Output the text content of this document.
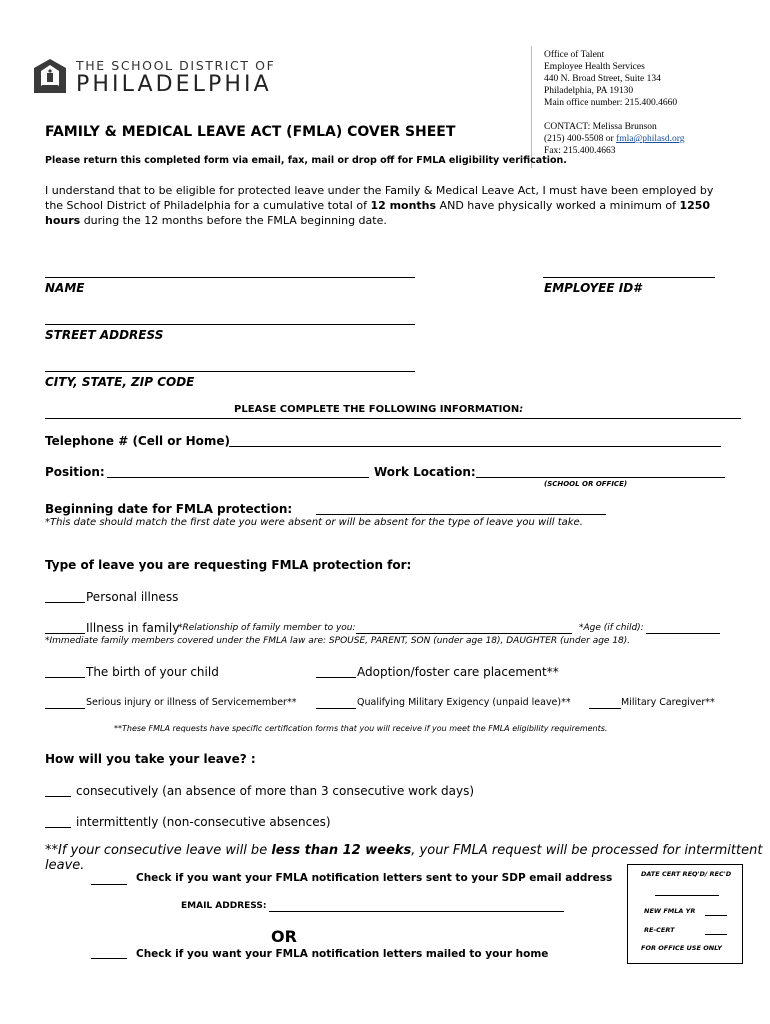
THE SCHOOL DISTRICT OF
PHILADELPHIA
Office of Talent
Employee Health Services
440 N. Broad Street, Suite 134
Philadelphia, PA 19130
Main office number: 215.400.4660
CONTACT: Melissa Brunson
(215) 400-5508 or fmla@philasd.org
Fax: 215.400.4663
FAMILY & MEDICAL LEAVE ACT (FMLA) COVER SHEET
Please return this completed form via email, fax, mail or drop off for FMLA eligibility verification.
I understand that to be eligible for protected leave under the Family & Medical Leave Act, I must have been employed by the School District of Philadelphia for a cumulative total of 12 months AND have physically worked a minimum of 1250 hours during the 12 months before the FMLA beginning date.
NAME	EMPLOYEE ID#
STREET ADDRESS
CITY, STATE, ZIP CODE
PLEASE COMPLETE THE FOLLOWING INFORMATION:
Telephone # (Cell or Home)
Position:	Work Location:
(SCHOOL OR OFFICE)
Beginning date for FMLA protection:
*This date should match the first date you were absent or will be absent for the type of leave you will take.
Type of leave you are requesting FMLA protection for:
Personal illness
Illness in family
*Relationship of family member to you:	*Age (if child):
*Immediate family members covered under the FMLA law are: SPOUSE, PARENT, SON (under age 18), DAUGHTER (under age 18).
The birth of your child	Adoption/foster care placement**
Serious injury or illness of Servicemember**	Qualifying Military Exigency (unpaid leave)**	Military Caregiver**
**These FMLA requests have specific certification forms that you will receive if you meet the FMLA eligibility requirements.
How will you take your leave? :
consecutively (an absence of more than 3 consecutive work days)
intermittently (non-consecutive absences)
**If your consecutive leave will be less than 12 weeks, your FMLA request will be processed for intermittent leave.
Check if you want your FMLA notification letters sent to your SDP email address
EMAIL ADDRESS:
OR
Check if you want your FMLA notification letters mailed to your home
DATE CERT REQ'D/ REC'D
NEW FMLA YR
RE-CERT
FOR OFFICE USE ONLY
